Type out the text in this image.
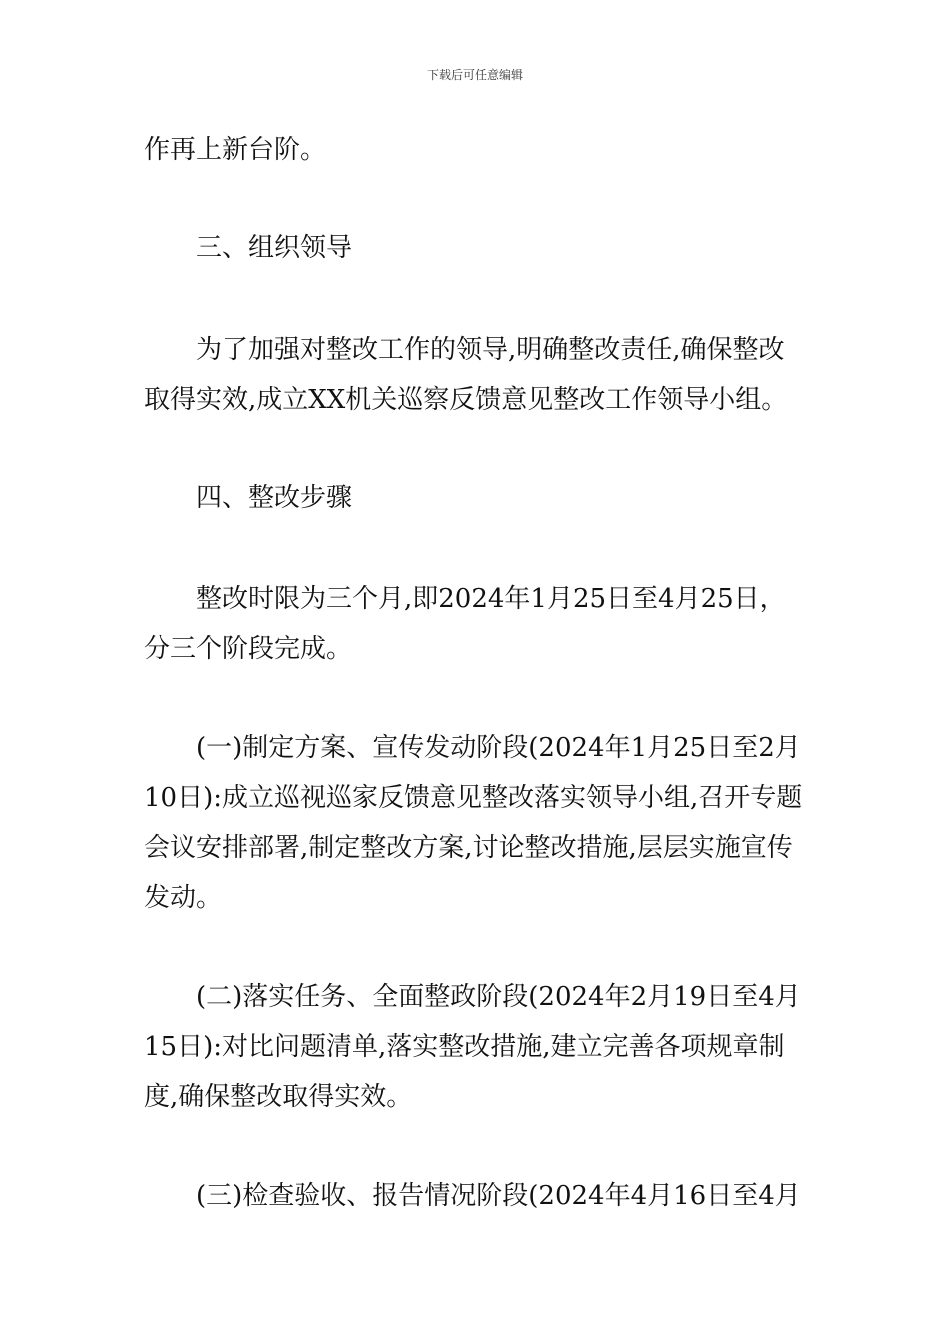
下载后可任意编辑
作再上新台阶。
三、组织领导
为了加强对整改工作的领导,明确整改责任,确保整改
取得实效,成立XX机关巡察反馈意见整改工作领导小组。
四、整改步骤
整改时限为三个月,即2024年1月25日至4月25日，
分三个阶段完成。
(一)制定方案、宣传发动阶段(2024年1月25日至2月
10日):成立巡视巡家反馈意见整改落实领导小组,召开专题
会议安排部署,制定整改方案,讨论整改措施,层层实施宣传
发动。
(二)落实任务、全面整政阶段(2024年2月19日至4月
15日):对比问题清单,落实整改措施,建立完善各项规章制
度,确保整改取得实效。
(三)检查验收、报告情况阶段(2024年4月16日至4月
